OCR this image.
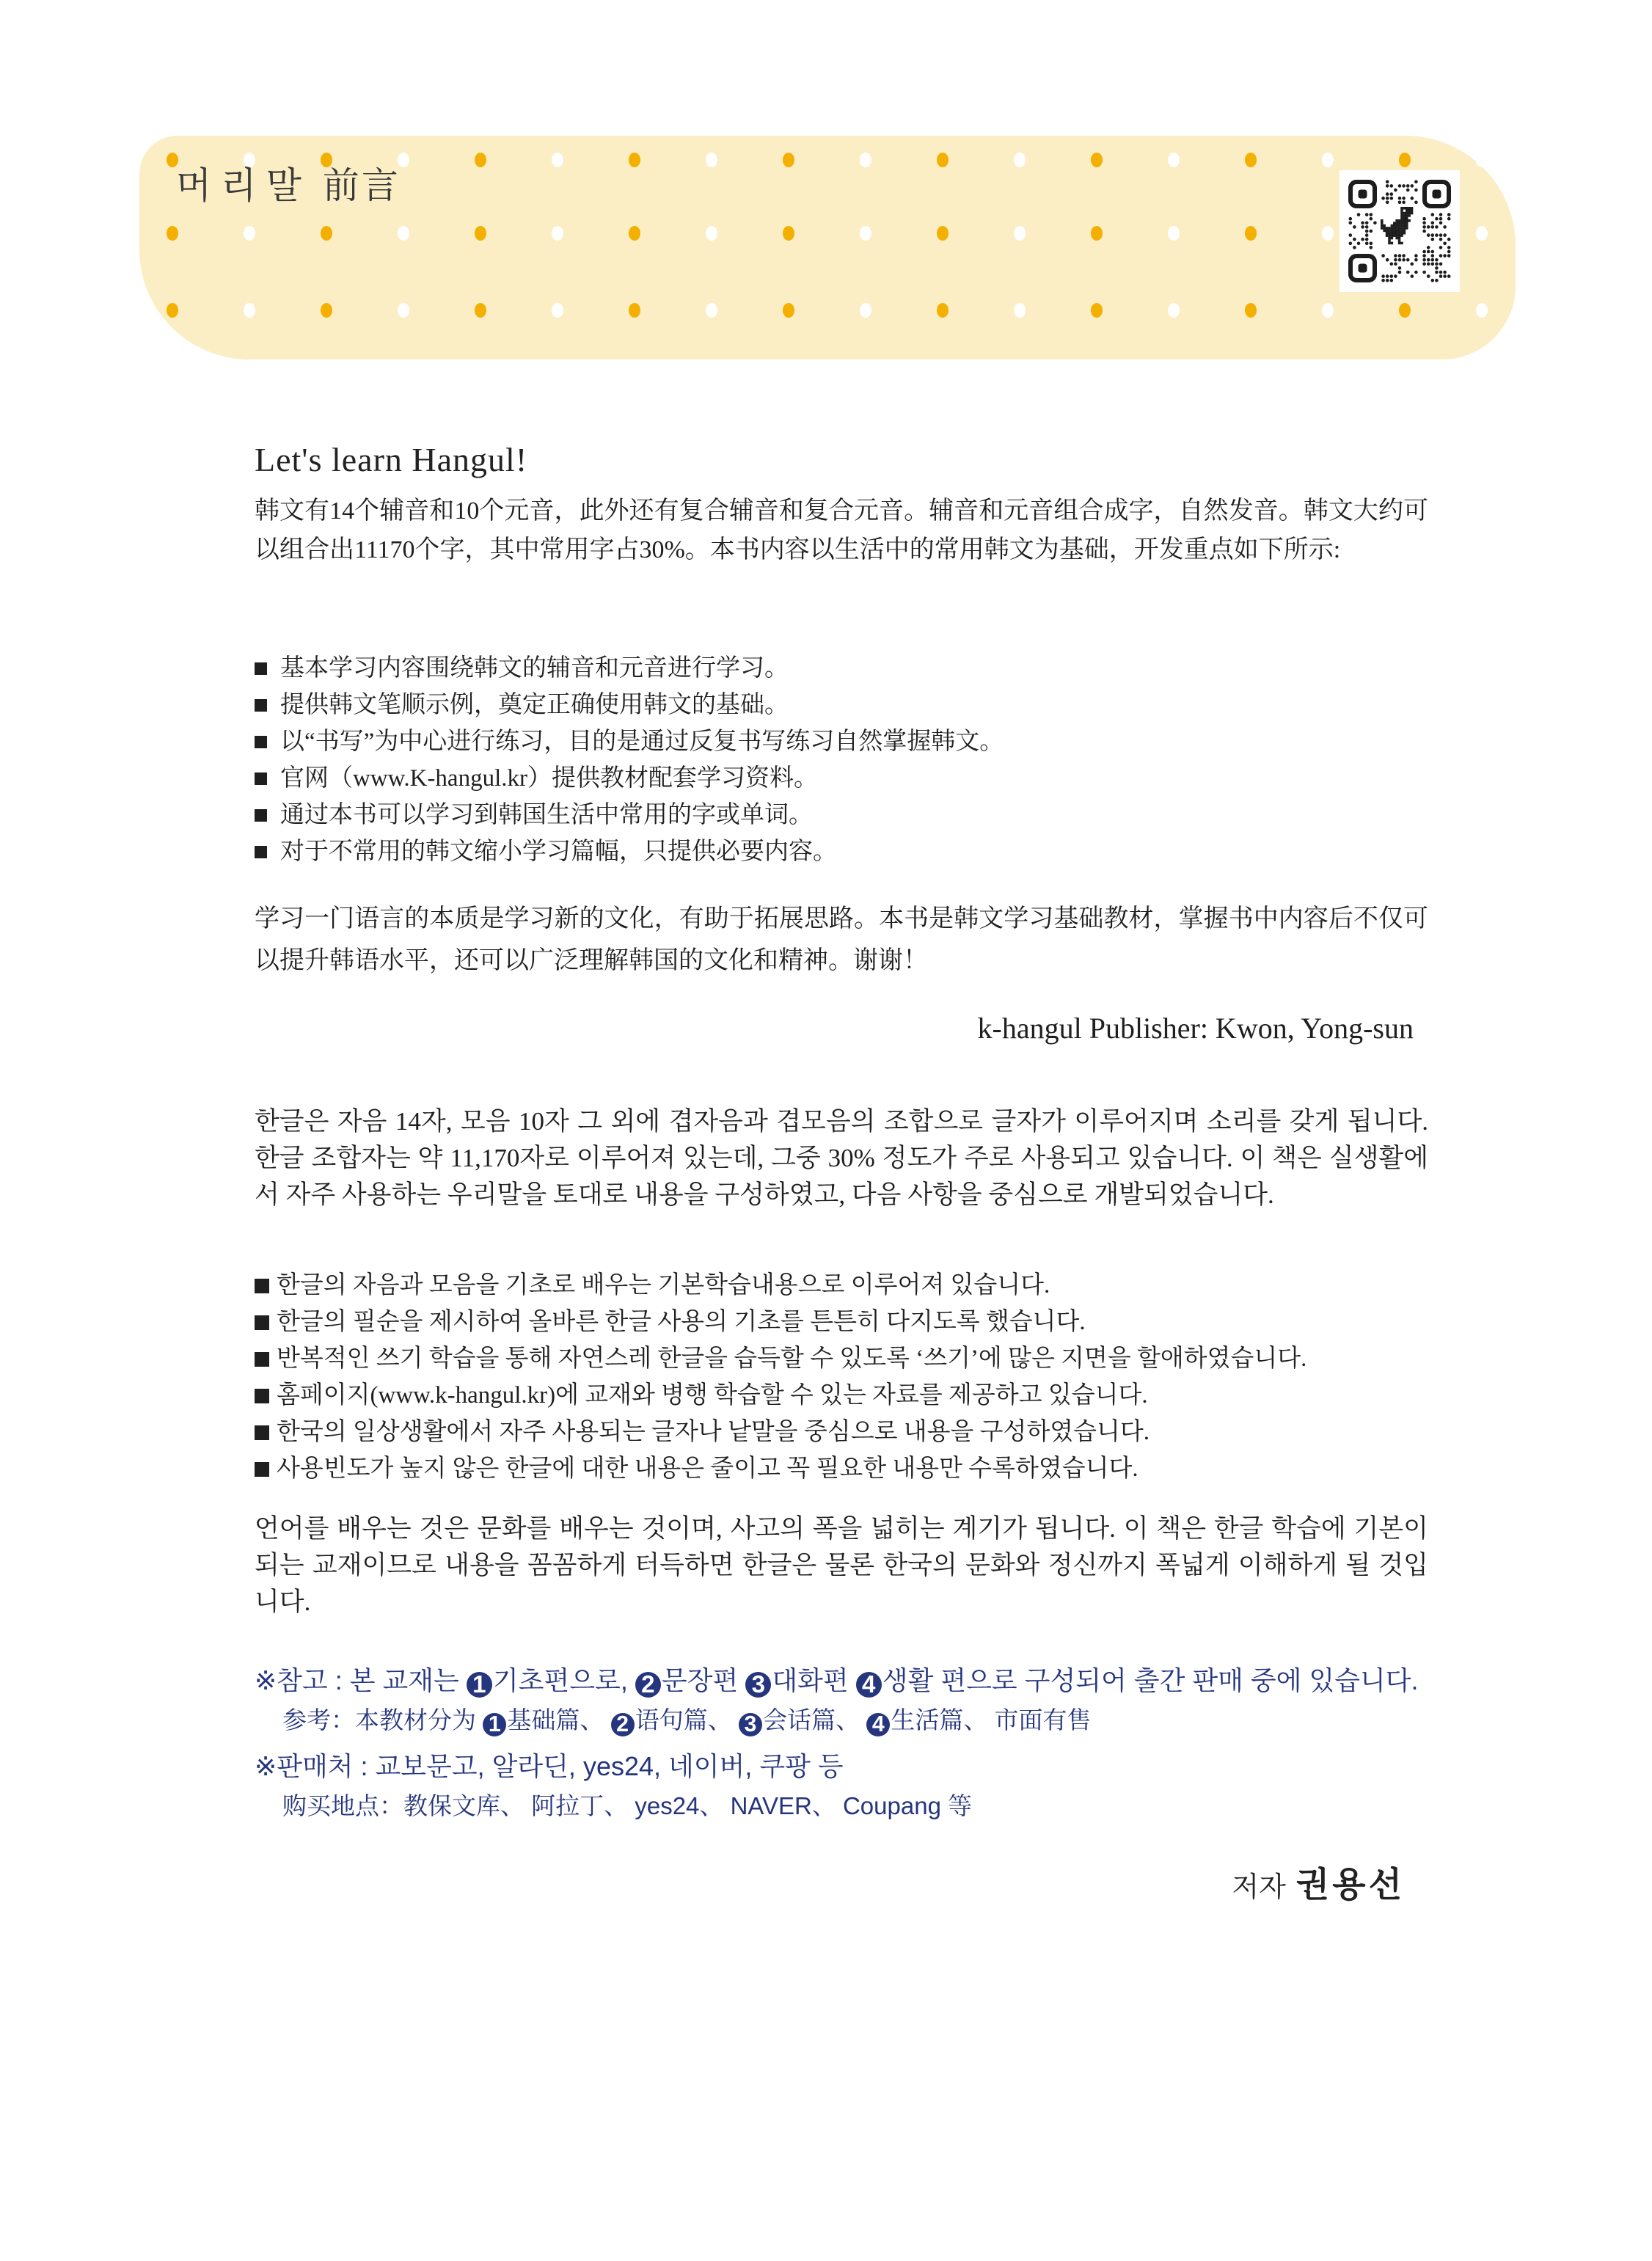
머리말 前言
Let's learn Hangul!
韩文有14个辅音和10个元音，此外还有复合辅音和复合元音。辅音和元音组合成字，自然发音。韩文大约可以组合出11170个字，其中常用字占30%。本书内容以生活中的常用韩文为基础，开发重点如下所示:
基本学习内容围绕韩文的辅音和元音进行学习。
提供韩文笔顺示例，奠定正确使用韩文的基础。
以“书写”为中心进行练习，目的是通过反复书写练习自然掌握韩文。
官网（www.K-hangul.kr）提供教材配套学习资料。
通过本书可以学习到韩国生活中常用的字或单词。
对于不常用的韩文缩小学习篇幅，只提供必要内容。
学习一门语言的本质是学习新的文化，有助于拓展思路。本书是韩文学习基础教材，掌握书中内容后不仅可以提升韩语水平，还可以广泛理解韩国的文化和精神。谢谢！
k-hangul Publisher: Kwon, Yong-sun
한글은 자음 14자, 모음 10자 그 외에 겹자음과 겹모음의 조합으로 글자가 이루어지며 소리를 갖게 됩니다. 한글 조합자는 약 11,170자로 이루어져 있는데, 그중 30% 정도가 주로 사용되고 있습니다. 이 책은 실생활에서 자주 사용하는 우리말을 토대로 내용을 구성하였고, 다음 사항을 중심으로 개발되었습니다.
한글의 자음과 모음을 기초로 배우는 기본학습내용으로 이루어져 있습니다.
한글의 필순을 제시하여 올바른 한글 사용의 기초를 튼튼히 다지도록 했습니다.
반복적인 쓰기 학습을 통해 자연스레 한글을 습득할 수 있도록 ‘쓰기’에 많은 지면을 할애하였습니다.
홈페이지(www.k-hangul.kr)에 교재와 병행 학습할 수 있는 자료를 제공하고 있습니다.
한국의 일상생활에서 자주 사용되는 글자나 낱말을 중심으로 내용을 구성하였습니다.
사용빈도가 높지 않은 한글에 대한 내용은 줄이고 꼭 필요한 내용만 수록하였습니다.
언어를 배우는 것은 문화를 배우는 것이며, 사고의 폭을 넓히는 계기가 됩니다. 이 책은 한글 학습에 기본이 되는 교재이므로 내용을 꼼꼼하게 터득하면 한글은 물론 한국의 문화와 정신까지 폭넓게 이해하게 될 것입니다.
※참고 : 본 교재는 1 기초편으로, 2 문장편 3 대화편 4 생활 편으로 구성되어 출간 판매 중에 있습니다.
参考：本教材分为 1 基础篇、 2 语句篇、 3 会话篇、 4 生活篇、 市面有售
※판매처 : 교보문고, 알라딘, yes24, 네이버, 쿠팡 등
购买地点：教保文库、 阿拉丁、 yes24、 NAVER、 Coupang 等
저자 권용선
